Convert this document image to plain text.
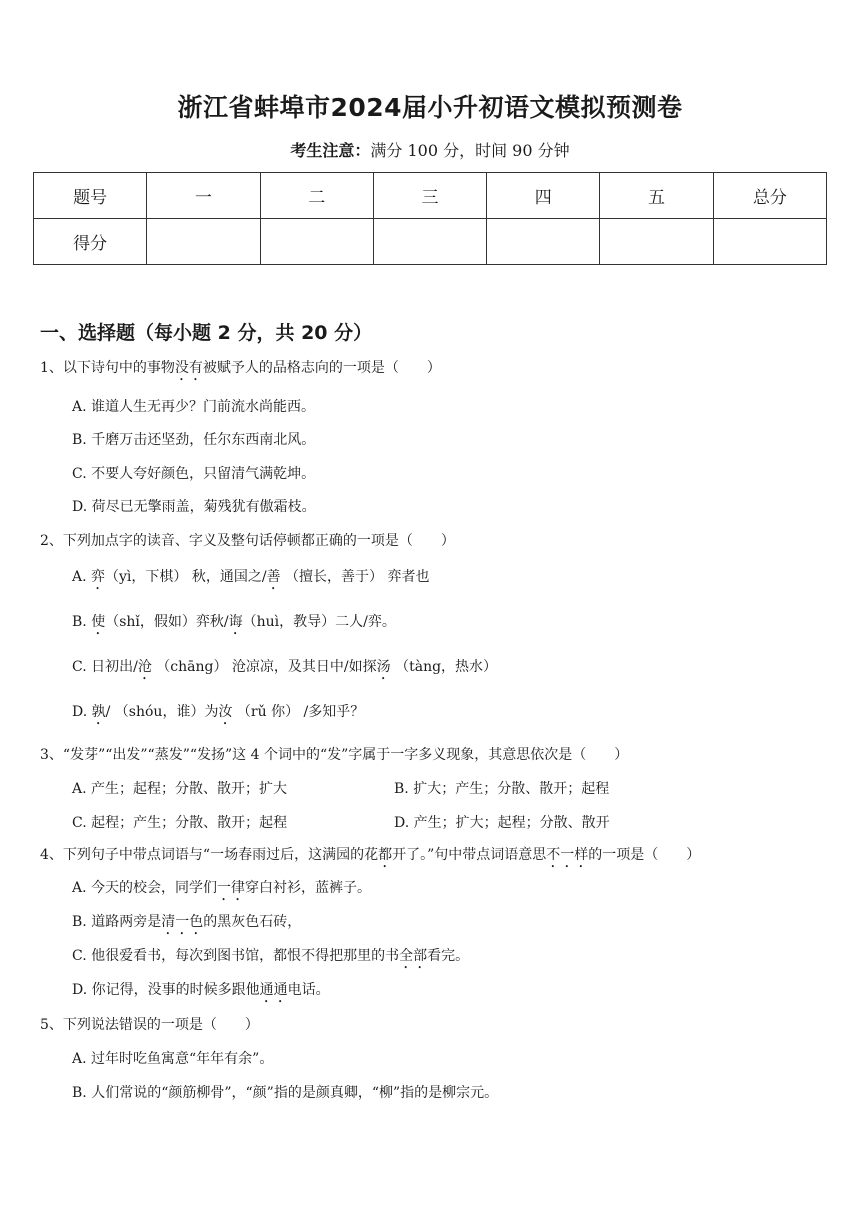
浙江省蚌埠市2024届小升初语文模拟预测卷
考生注意：满分 100 分，时间 90 分钟
题号	一	二	三	四	五	总分
得分						
一、选择题（每小题 2 分，共 20 分）
1、以下诗句中的事物没有被赋予人的品格志向的一项是（　　）
A. 谁道人生无再少？门前流水尚能西。
B. 千磨万击还坚劲，任尔东西南北风。
C. 不要人夸好颜色，只留清气满乾坤。
D. 荷尽已无擎雨盖，菊残犹有傲霜枝。
2、下列加点字的读音、字义及整句话停顿都正确的一项是（　　）
A. 弈（yì，下棋） 秋，通国之/善 （擅长，善于） 弈者也
B. 使（shǐ，假如）弈秋/诲（huì，教导）二人/弈。
C. 日初出/沧 （chāng） 沧凉凉，及其日中/如探汤 （tàng，热水）
D. 孰/ （shóu，谁）为汝 （rǔ 你） /多知乎？
3、“发芽”“出发”“蒸发”“发扬”这 4 个词中的“发”字属于一字多义现象，其意思依次是（　　）
A. 产生；起程；分散、散开；扩大	B. 扩大；产生；分散、散开；起程
C. 起程；产生；分散、散开；起程	D. 产生；扩大；起程；分散、散开
4、下列句子中带点词语与“一场春雨过后，这满园的花都开了。”句中带点词语意思不一样的一项是（　　）
A. 今天的校会，同学们一律穿白衬衫，蓝裤子。
B. 道路两旁是清一色的黑灰色石砖，
C. 他很爱看书，每次到图书馆，都恨不得把那里的书全部看完。
D. 你记得，没事的时候多跟他通通电话。
5、下列说法错误的一项是（　　）
A. 过年时吃鱼寓意“年年有余”。
B. 人们常说的“颜筋柳骨”，“颜”指的是颜真卿，“柳”指的是柳宗元。
